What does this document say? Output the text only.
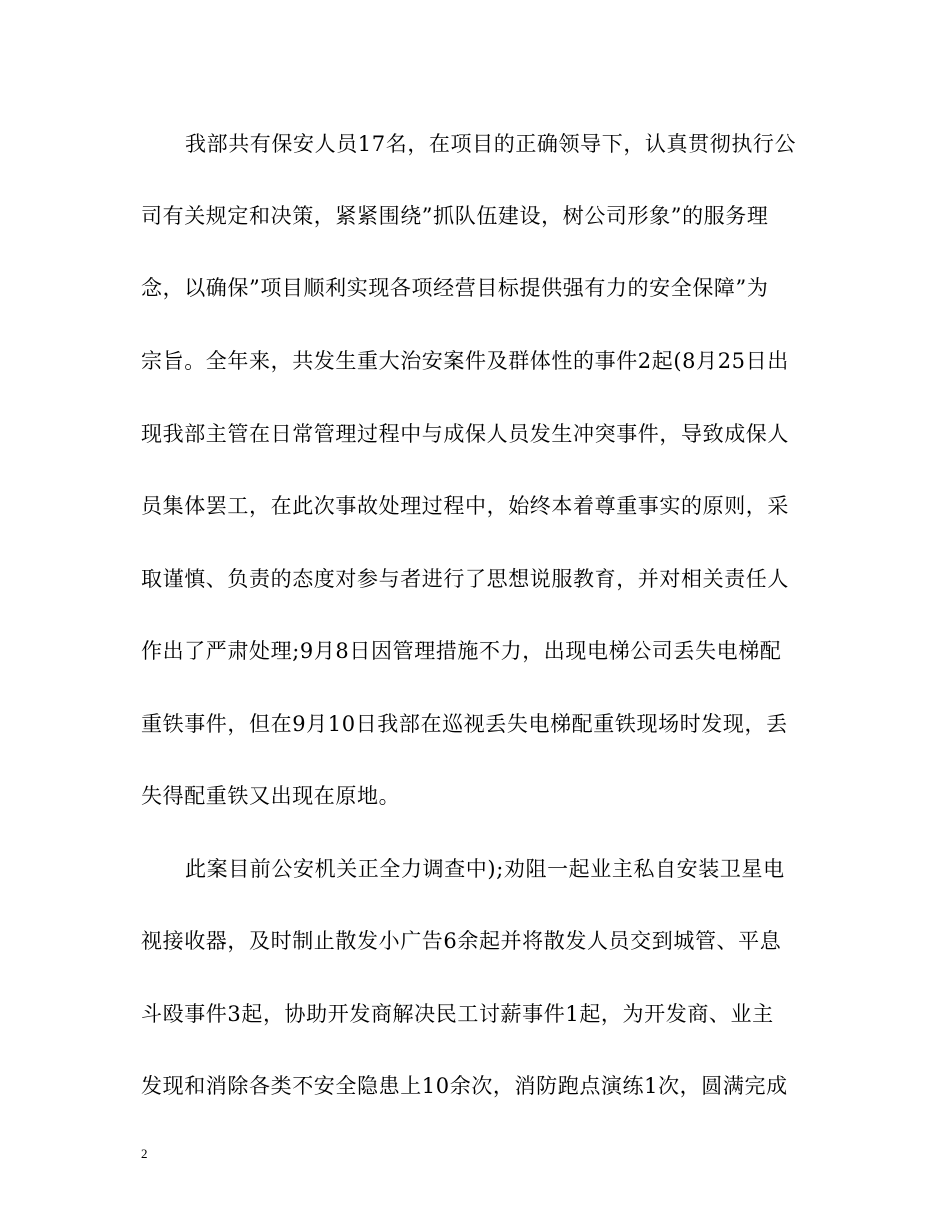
我部共有保安人员17名，在项目的正确领导下，认真贯彻执行公
司有关规定和决策，紧紧围绕”抓队伍建设，树公司形象”的服务理
念，以确保”项目顺利实现各项经营目标提供强有力的安全保障”为
宗旨。全年来，共发生重大治安案件及群体性的事件2起(8月25日出
现我部主管在日常管理过程中与成保人员发生冲突事件，导致成保人
员集体罢工，在此次事故处理过程中，始终本着尊重事实的原则，采
取谨慎、负责的态度对参与者进行了思想说服教育，并对相关责任人
作出了严肃处理;9月8日因管理措施不力，出现电梯公司丢失电梯配
重铁事件，但在9月10日我部在巡视丢失电梯配重铁现场时发现，丢
失得配重铁又出现在原地。
此案目前公安机关正全力调查中);劝阻一起业主私自安装卫星电
视接收器，及时制止散发小广告6余起并将散发人员交到城管、平息
斗殴事件3起，协助开发商解决民工讨薪事件1起，为开发商、业主
发现和消除各类不安全隐患上10余次，消防跑点演练1次，圆满完成
2
